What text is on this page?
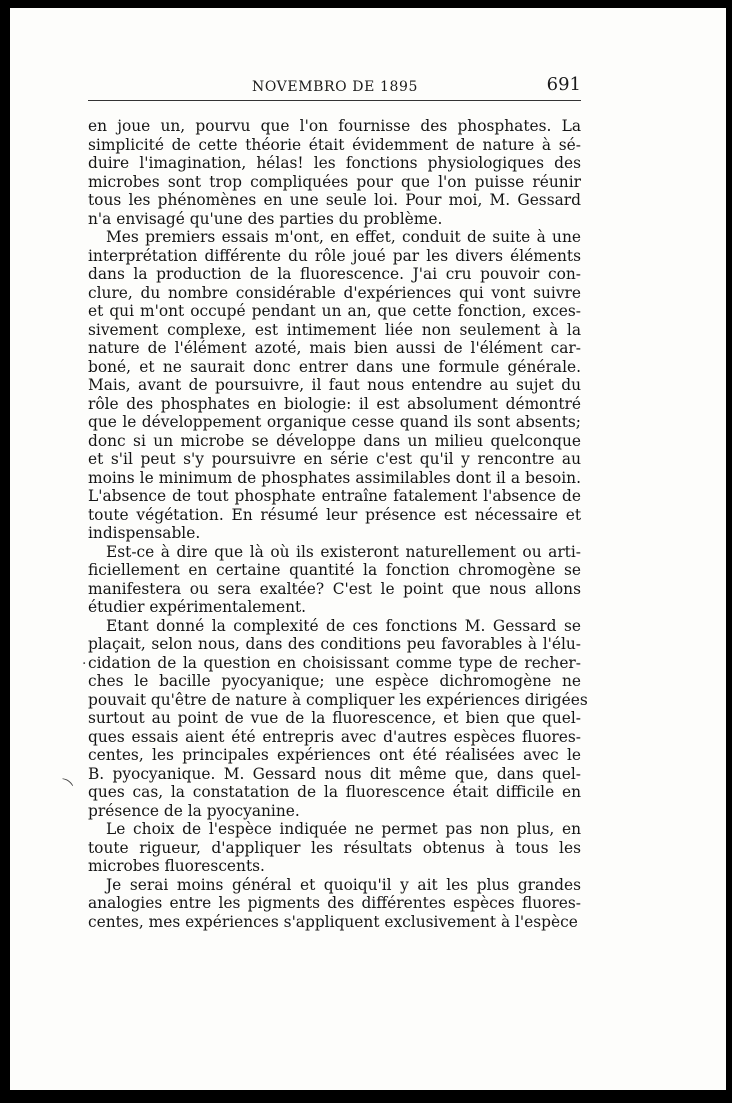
NOVEMBRO DE 1895	691
·
⁀

en joue un, pourvu que l'on fournisse des phosphates. La
simplicité de cette théorie était évidemment de nature à sé-
duire l'imagination, hélas! les fonctions physiologiques des
microbes sont trop compliquées pour que l'on puisse réunir
tous les phénomènes en une seule loi. Pour moi, M. Gessard
n'a envisagé qu'une des parties du problème.

Mes premiers essais m'ont, en effet, conduit de suite à une
interprétation différente du rôle joué par les divers éléments
dans la production de la fluorescence. J'ai cru pouvoir con-
clure, du nombre considérable d'expériences qui vont suivre
et qui m'ont occupé pendant un an, que cette fonction, exces-
sivement complexe, est intimement liée non seulement à la
nature de l'élément azoté, mais bien aussi de l'élément car-
boné, et ne saurait donc entrer dans une formule générale.
Mais, avant de poursuivre, il faut nous entendre au sujet du
rôle des phosphates en biologie: il est absolument démontré
que le développement organique cesse quand ils sont absents;
donc si un microbe se développe dans un milieu quelconque
et s'il peut s'y poursuivre en série c'est qu'il y rencontre au
moins le minimum de phosphates assimilables dont il a besoin.
L'absence de tout phosphate entraîne fatalement l'absence de
toute végétation. En résumé leur présence est nécessaire et
indispensable.

Est-ce à dire que là où ils existeront naturellement ou arti-
ficiellement en certaine quantité la fonction chromogène se
manifestera ou sera exaltée? C'est le point que nous allons
étudier expérimentalement.

Etant donné la complexité de ces fonctions M. Gessard se
plaçait, selon nous, dans des conditions peu favorables à l'élu-
cidation de la question en choisissant comme type de recher-
ches le bacille pyocyanique; une espèce dichromogène ne
pouvait qu'être de nature à compliquer les expériences dirigées
surtout au point de vue de la fluorescence, et bien que quel-
ques essais aient été entrepris avec d'autres espèces fluores-
centes, les principales expériences ont été réalisées avec le
B. pyocyanique. M. Gessard nous dit même que, dans quel-
ques cas, la constatation de la fluorescence était difficile en
présence de la pyocyanine.

Le choix de l'espèce indiquée ne permet pas non plus, en
toute rigueur, d'appliquer les résultats obtenus à tous les
microbes fluorescents.

Je serai moins général et quoiqu'il y ait les plus grandes
analogies entre les pigments des différentes espèces fluores-
centes, mes expériences s'appliquent exclusivement à l'espèce
